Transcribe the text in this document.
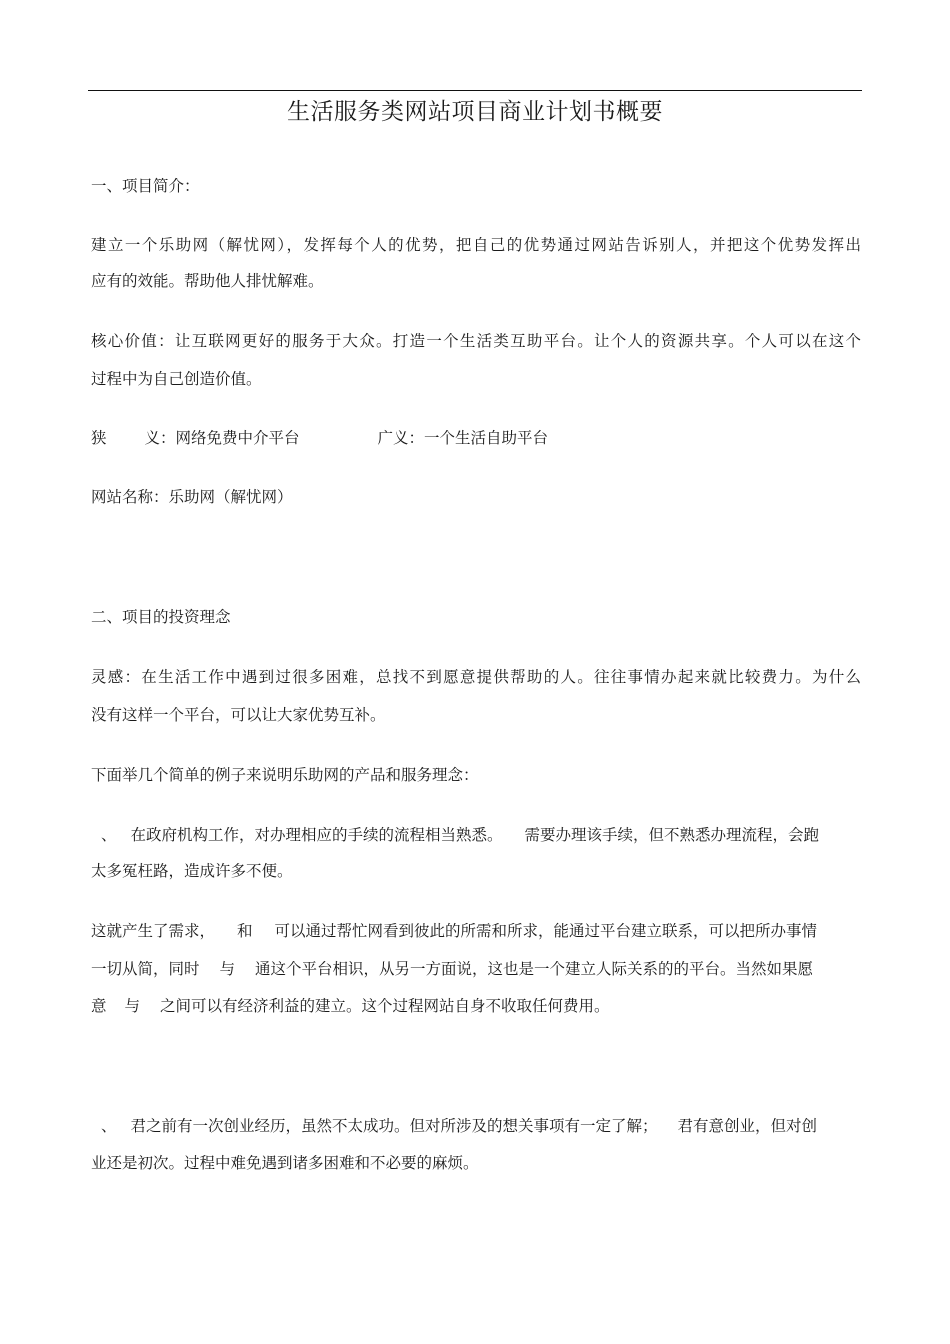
生活服务类网站项目商业计划书概要
一、项目简介：
建立一个乐助网（解忧网），发挥每个人的优势，把自己的优势通过网站告诉别人，并把这个优势发挥出
应有的效能。帮助他人排忧解难。
核心价值：让互联网更好的服务于大众。打造一个生活类互助平台。让个人的资源共享。个人可以在这个
过程中为自己创造价值。
狭 义：网络免费中介平台	广义：一个生活自助平台
网站名称：乐助网（解忧网）
二、项目的投资理念
灵感：在生活工作中遇到过很多困难，总找不到愿意提供帮助的人。往往事情办起来就比较费力。为什么
没有这样一个平台，可以让大家优势互补。
下面举几个简单的例子来说明乐助网的产品和服务理念：
、 在政府机构工作，对办理相应的手续的流程相当熟悉。 需要办理该手续，但不熟悉办理流程，会跑
太多冤枉路，造成许多不便。
这就产生了需求， 和 可以通过帮忙网看到彼此的所需和所求，能通过平台建立联系，可以把所办事情
一切从简，同时 与 通这个平台相识，从另一方面说，这也是一个建立人际关系的的平台。当然如果愿
意 与 之间可以有经济利益的建立。这个过程网站自身不收取任何费用。
、 君之前有一次创业经历，虽然不太成功。但对所涉及的想关事项有一定了解； 君有意创业，但对创
业还是初次。过程中难免遇到诸多困难和不必要的麻烦。
